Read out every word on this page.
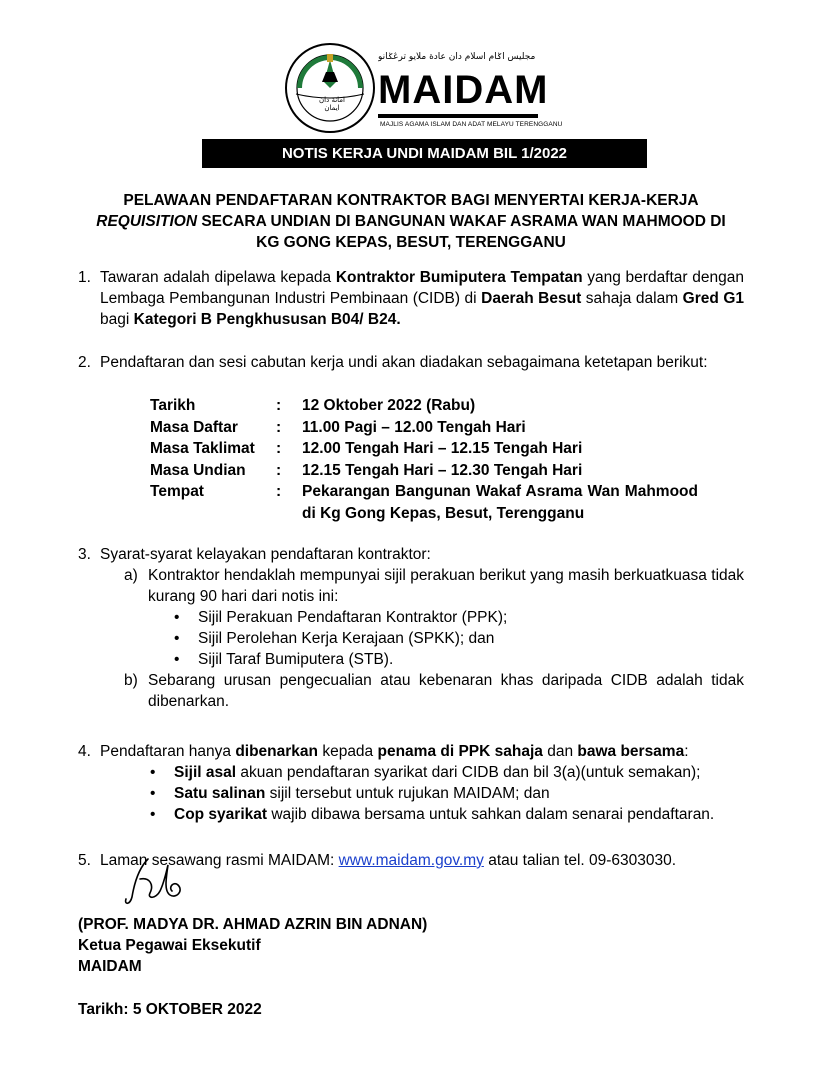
امانة دان ايمان
مجليس اݢام اسلام دان عادة ملايو ترڠݢانو
MAIDAM
MAJLIS AGAMA ISLAM DAN ADAT MELAYU TERENGGANU
NOTIS KERJA UNDI MAIDAM BIL 1/2022
PELAWAAN PENDAFTARAN KONTRAKTOR BAGI MENYERTAI KERJA-KERJA
REQUISITION SECARA UNDIAN DI BANGUNAN WAKAF ASRAMA WAN MAHMOOD DI
KG GONG KEPAS, BESUT, TERENGGANU
1. Tawaran adalah dipelawa kepada Kontraktor Bumiputera Tempatan yang berdaftar dengan Lembaga Pembangunan Industri Pembinaan (CIDB) di Daerah Besut sahaja dalam Gred G1 bagi Kategori B Pengkhususan B04/ B24.
2. Pendaftaran dan sesi cabutan kerja undi akan diadakan sebagaimana ketetapan berikut:
Tarikh	: 12 Oktober 2022 (Rabu)
Masa Daftar : 11.00 Pagi – 12.00 Tengah Hari
Masa Taklimat : 12.00 Tengah Hari – 12.15 Tengah Hari
Masa Undian : 12.15 Tengah Hari – 12.30 Tengah Hari
Tempat	: Pekarangan Bangunan Wakaf Asrama Wan Mahmood di Kg Gong Kepas, Besut, Terengganu
3. Syarat-syarat kelayakan pendaftaran kontraktor:
a) Kontraktor hendaklah mempunyai sijil perakuan berikut yang masih berkuatkuasa tidak kurang 90 hari dari notis ini:
• Sijil Perakuan Pendaftaran Kontraktor (PPK);
• Sijil Perolehan Kerja Kerajaan (SPKK); dan
• Sijil Taraf Bumiputera (STB).
b) Sebarang urusan pengecualian atau kebenaran khas daripada CIDB adalah tidak dibenarkan.
4. Pendaftaran hanya dibenarkan kepada penama di PPK sahaja dan bawa bersama:
• Sijil asal akuan pendaftaran syarikat dari CIDB dan bil 3(a)(untuk semakan);
• Satu salinan sijil tersebut untuk rujukan MAIDAM; dan
• Cop syarikat wajib dibawa bersama untuk sahkan dalam senarai pendaftaran.
5. Laman sesawang rasmi MAIDAM: www.maidam.gov.my atau talian tel. 09-6303030.
(PROF. MADYA DR. AHMAD AZRIN BIN ADNAN)
Ketua Pegawai Eksekutif
MAIDAM
Tarikh: 5 OKTOBER 2022
